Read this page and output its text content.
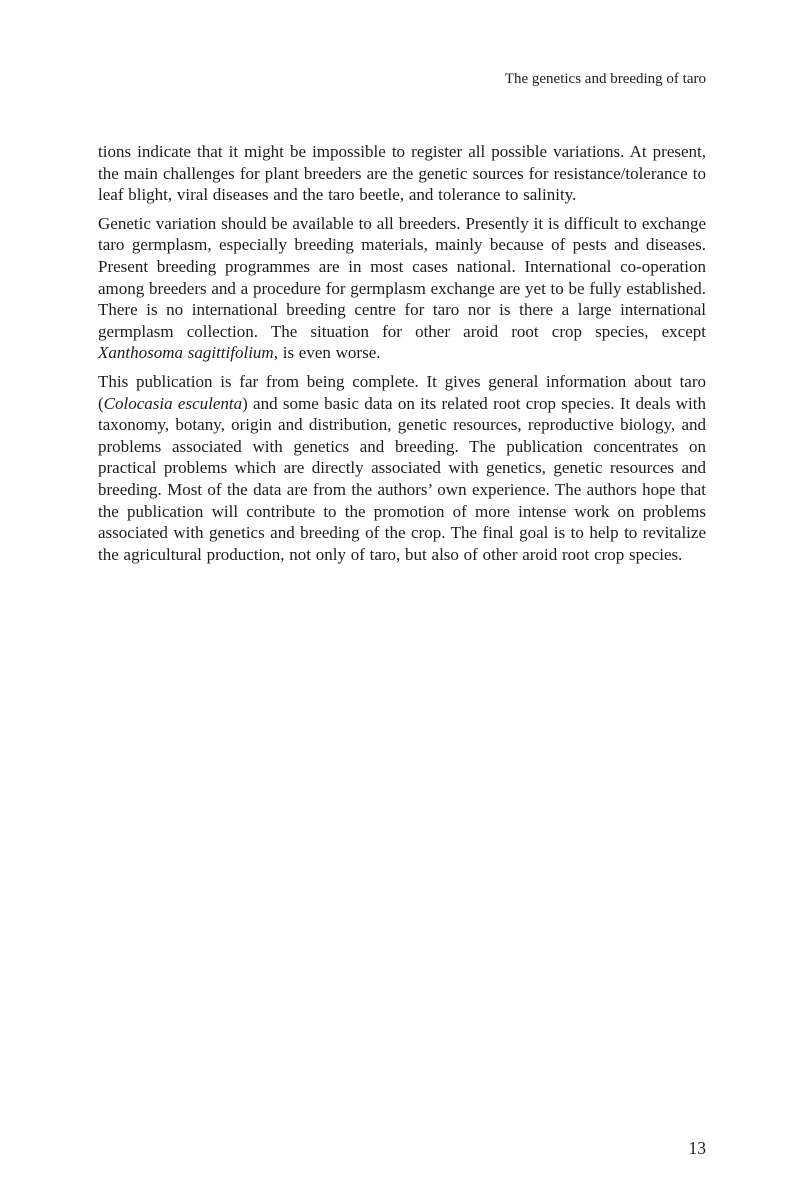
The genetics and breeding of taro

tions indicate that it might be impossible to register all possible variations. At present, the main challenges for plant breeders are the genetic sources for resistance/tolerance to leaf blight, viral diseases and the taro beetle, and tolerance to salinity.

Genetic variation should be available to all breeders. Presently it is difficult to exchange taro germplasm, especially breeding materials, mainly because of pests and diseases. Present breeding programmes are in most cases national. International co-operation among breeders and a procedure for germplasm exchange are yet to be fully established. There is no international breeding centre for taro nor is there a large international germplasm collection. The situation for other aroid root crop species, except Xanthosoma sagittifolium, is even worse.

This publication is far from being complete. It gives general information about taro (Colocasia esculenta) and some basic data on its related root crop species. It deals with taxonomy, botany, origin and distribution, genetic resources, reproductive biology, and problems associated with genetics and breeding. The publication concentrates on practical problems which are directly associated with genetics, genetic resources and breeding. Most of the data are from the authors’ own experience. The authors hope that the publication will contribute to the promotion of more intense work on problems associated with genetics and breeding of the crop. The final goal is to help to revitalize the agricultural production, not only of taro, but also of other aroid root crop species.

13
